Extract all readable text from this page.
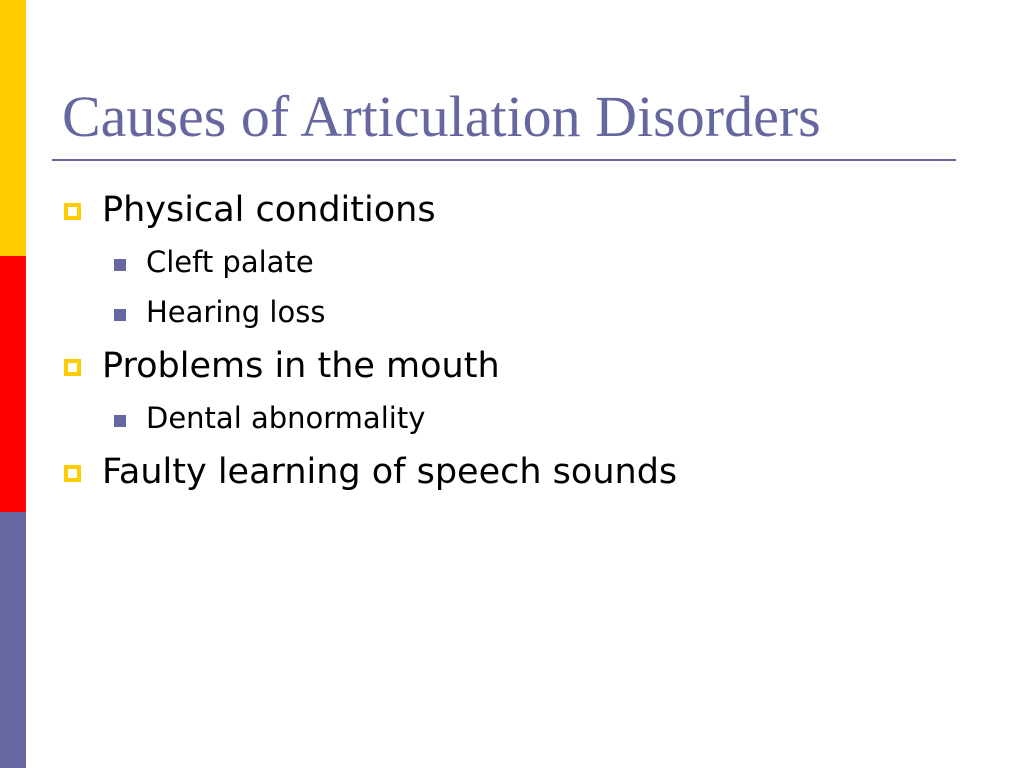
Causes of Articulation Disorders
Physical conditions
Cleft palate
Hearing loss
Problems in the mouth
Dental abnormality
Faulty learning of speech sounds
